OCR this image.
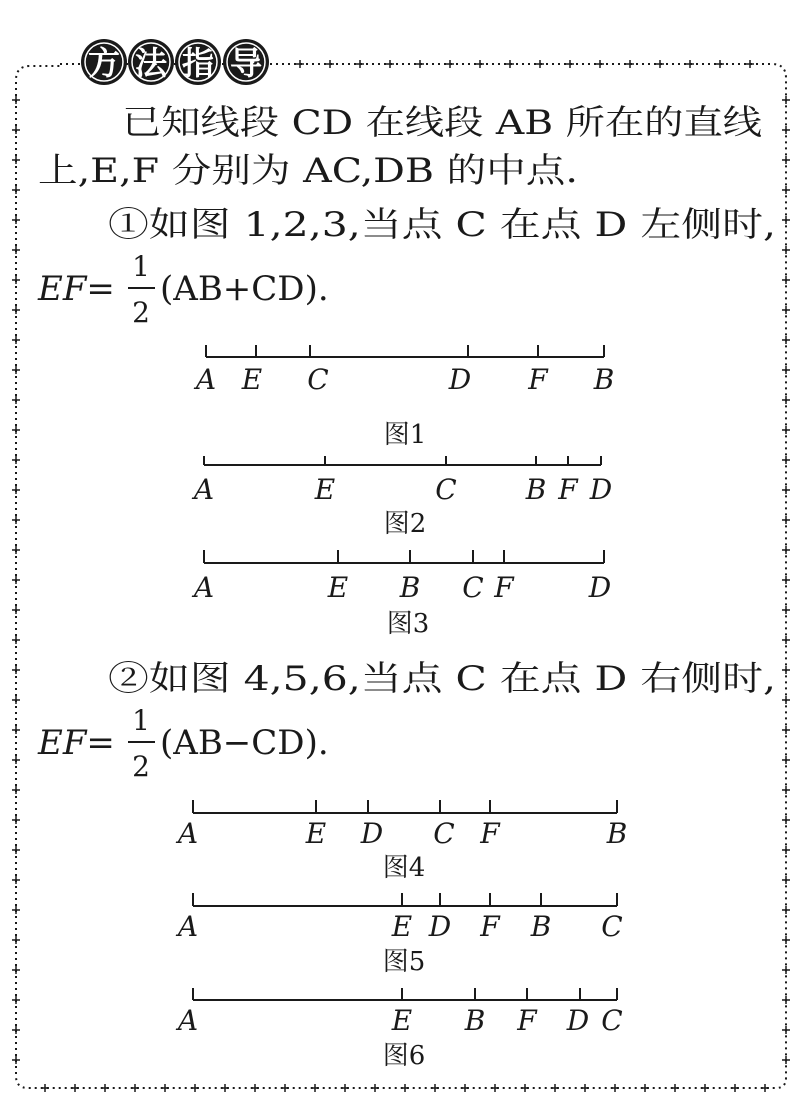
方 法 指 导
已知线段 CD 在线段 AB 所在的直线
上,E,F 分别为 AC,DB 的中点.
①如图 1,2,3,当点 C 在点 D 左侧时,
EF=
1
2
(AB+CD).
A E C	D F B
图1
A	E	C B F D
图2
A	E B C F	D
图3
②如图 4,5,6,当点 C 在点 D 右侧时,
EF=
1
2
(AB−CD).
A	E D C F	B
图4
A	E D F B C
图5
A	E B F D C
图6
